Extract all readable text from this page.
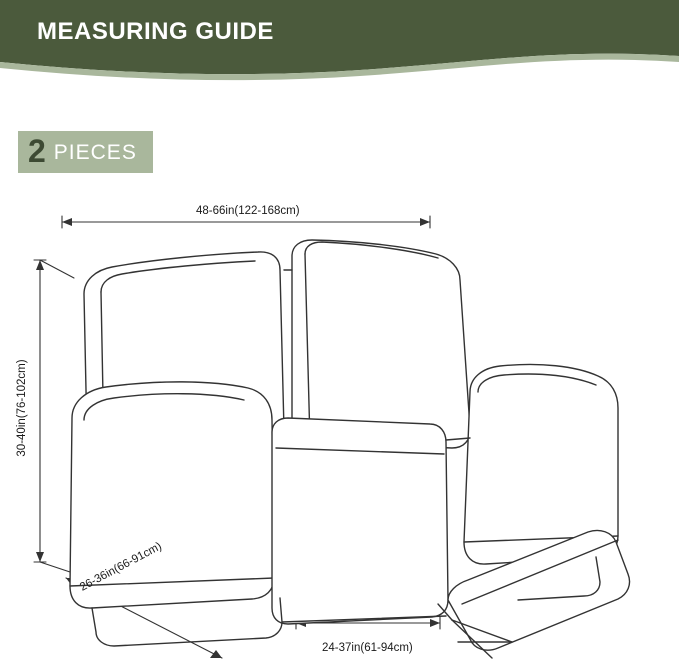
MEASURING GUIDE
2 PIECES
48-66in(122-168cm)
30-40in(76-102cm)
26-36in(66-91cm)
24-37in(61-94cm)
